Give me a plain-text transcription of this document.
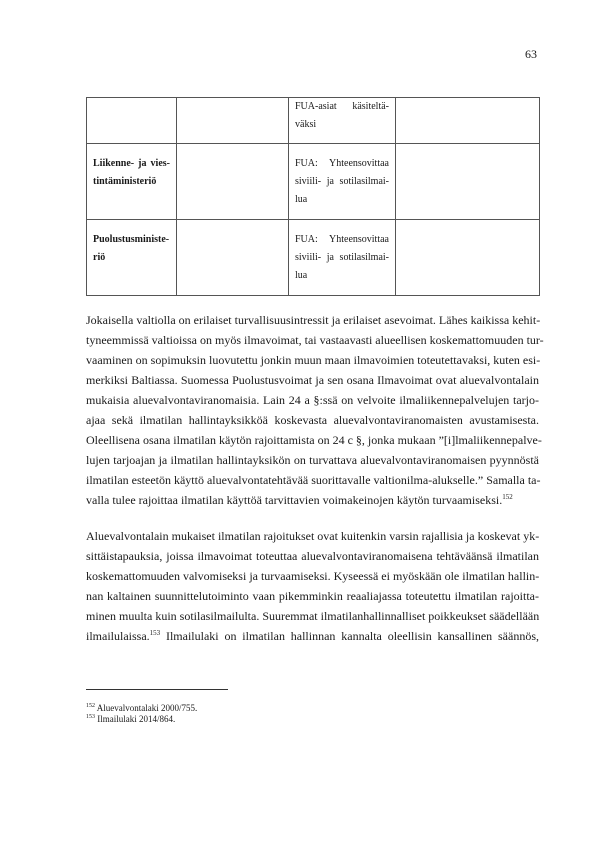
63

		FUA-asiat käsiteltä-
väksi	

Liikenne- ja vies-
tintäministeriö		FUA: Yhteensovittaa
siviili- ja sotilasilmai-
lua	

Puolustusministe-
riö		FUA: Yhteensovittaa
siviili- ja sotilasilmai-
lua	

Jokaisella valtiolla on erilaiset turvallisuusintressit ja erilaiset asevoimat. Lähes kaikissa kehit-
tyneemmissä valtioissa on myös ilmavoimat, tai vastaavasti alueellisen koskemattomuuden tur-
vaaminen on sopimuksin luovutettu jonkin muun maan ilmavoimien toteutettavaksi, kuten esi-
merkiksi Baltiassa. Suomessa Puolustusvoimat ja sen osana Ilmavoimat ovat aluevalvontalain
mukaisia aluevalvontaviranomaisia. Lain 24 a §:ssä on velvoite ilmaliikennepalvelujen tarjo-
ajaa sekä ilmatilan hallintayksikköä koskevasta aluevalvontaviranomaisten avustamisesta.
Oleellisena osana ilmatilan käytön rajoittamista on 24 c §, jonka mukaan ”[i]lmaliikennepalve-
lujen tarjoajan ja ilmatilan hallintayksikön on turvattava aluevalvontaviranomaisen pyynnöstä
ilmatilan esteetön käyttö aluevalvontatehtävää suorittavalle valtionilma-alukselle.” Samalla ta-
valla tulee rajoittaa ilmatilan käyttöä tarvittavien voimakeinojen käytön turvaamiseksi.$^{152}$
Aluevalvontalain mukaiset ilmatilan rajoitukset ovat kuitenkin varsin rajallisia ja koskevat yk-
sittäistapauksia, joissa ilmavoimat toteuttaa aluevalvontaviranomaisena tehtäväänsä ilmatilan
koskemattomuuden valvomiseksi ja turvaamiseksi. Kyseessä ei myöskään ole ilmatilan hallin-
nan kaltainen suunnittelutoiminto vaan pikemminkin reaaliajassa toteutettu ilmatilan rajoitta-
minen muulta kuin sotilasilmailulta. Suuremmat ilmatilanhallinnalliset poikkeukset säädellään
ilmailulaissa.$^{153}$ Ilmailulaki on ilmatilan hallinnan kannalta oleellisin kansallinen säännös,
$^{152}$ Aluevalvontalaki 2000/755.
$^{153}$ Ilmailulaki 2014/864.
